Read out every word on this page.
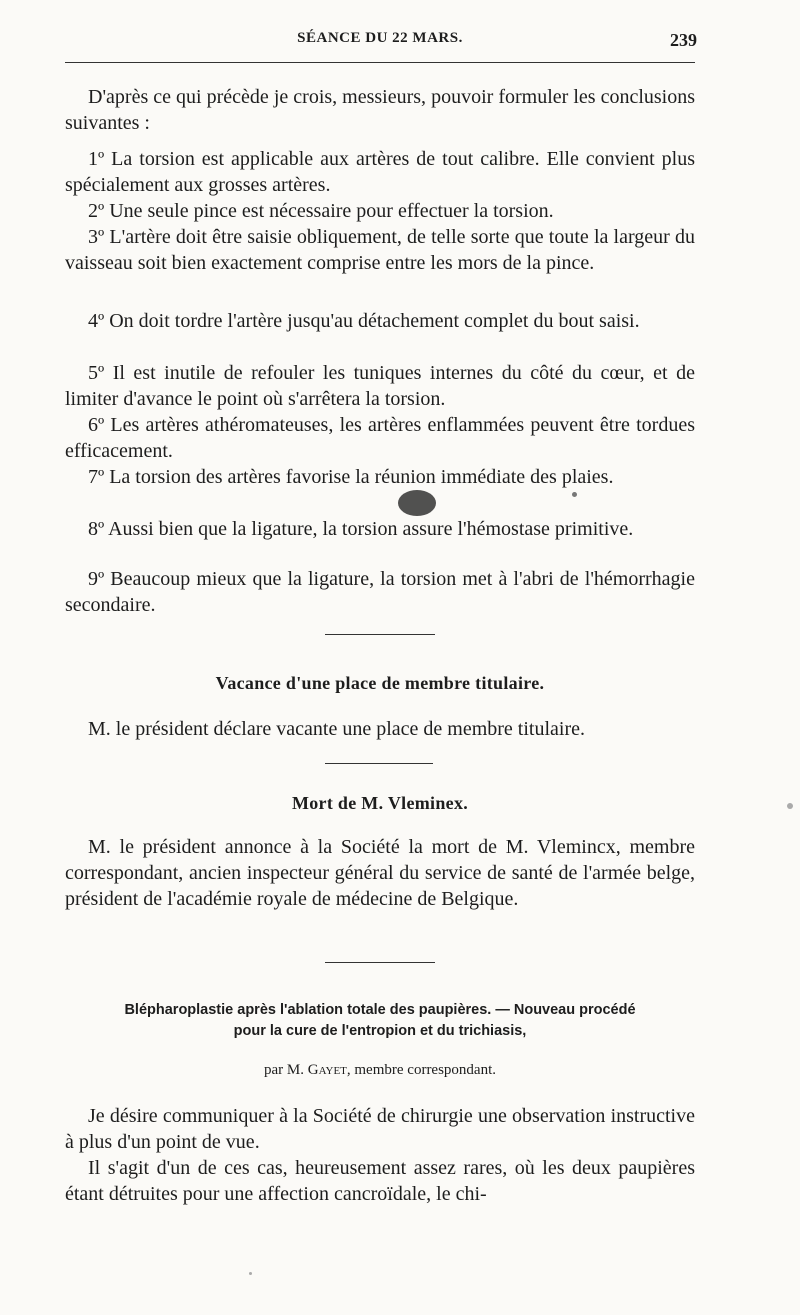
SÉANCE DU 22 MARS.	239
D'après ce qui précède je crois, messieurs, pouvoir formuler les conclusions suivantes :
1º La torsion est applicable aux artères de tout calibre. Elle convient plus spécialement aux grosses artères.
2º Une seule pince est nécessaire pour effectuer la torsion.
3º L'artère doit être saisie obliquement, de telle sorte que toute la largeur du vaisseau soit bien exactement comprise entre les mors de la pince.
4º On doit tordre l'artère jusqu'au détachement complet du bout saisi.
5º Il est inutile de refouler les tuniques internes du côté du cœur, et de limiter d'avance le point où s'arrêtera la torsion.
6º Les artères athéromateuses, les artères enflammées peuvent être tordues efficacement.
7º La torsion des artères favorise la réunion immédiate des plaies.
8º Aussi bien que la ligature, la torsion assure l'hémostase primitive.
9º Beaucoup mieux que la ligature, la torsion met à l'abri de l'hémorrhagie secondaire.
Vacance d'une place de membre titulaire.
M. le président déclare vacante une place de membre titulaire.
Mort de M. Vleminex.
M. le président annonce à la Société la mort de M. Vlemincx, membre correspondant, ancien inspecteur général du service de santé de l'armée belge, président de l'académie royale de médecine de Belgique.
Blépharoplastie après l'ablation totale des paupières. — Nouveau procédé
pour la cure de l'entropion et du trichiasis,
par M. Gayet, membre correspondant.
Je désire communiquer à la Société de chirurgie une observation instructive à plus d'un point de vue.
Il s'agit d'un de ces cas, heureusement assez rares, où les deux paupières étant détruites pour une affection cancroïdale, le chi-
